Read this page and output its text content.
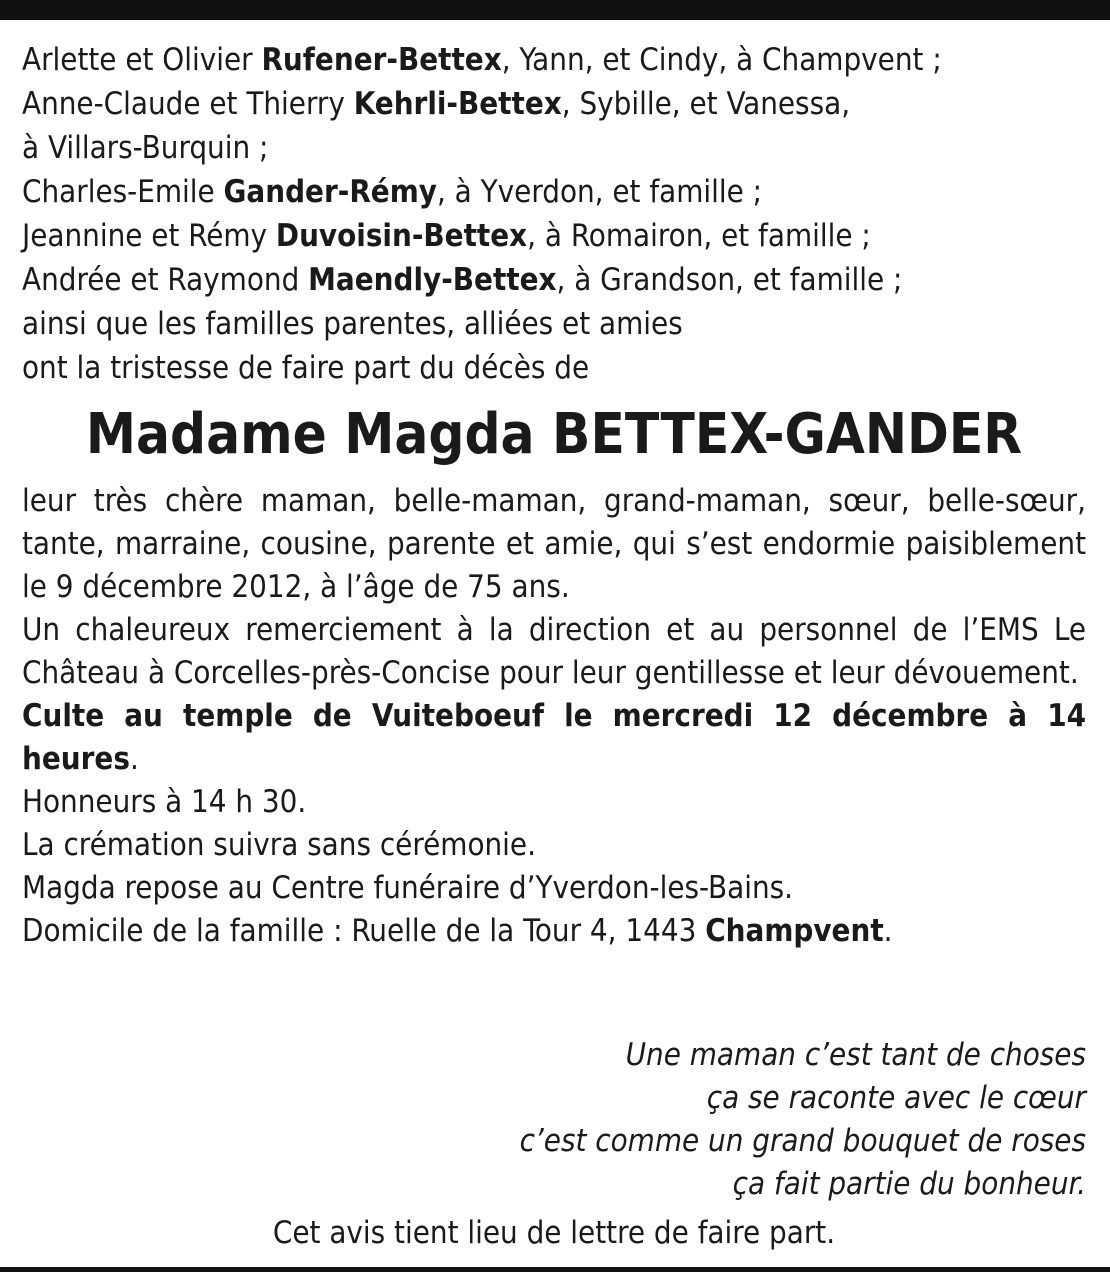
Arlette et Olivier Rufener-Bettex, Yann, et Cindy, à Champvent ;
Anne-Claude et Thierry Kehrli-Bettex, Sybille, et Vanessa,
à Villars-Burquin ;
Charles-Emile Gander-Rémy, à Yverdon, et famille ;
Jeannine et Rémy Duvoisin-Bettex, à Romairon, et famille ;
Andrée et Raymond Maendly-Bettex, à Grandson, et famille ;
ainsi que les familles parentes, alliées et amies
ont la tristesse de faire part du décès de
Madame Magda BETTEX-GANDER
leur très chère maman, belle-maman, grand-maman, sœur, belle-sœur, tante, marraine, cousine, parente et amie, qui s’est endormie paisiblement le 9 décembre 2012, à l’âge de 75 ans.
Un chaleureux remerciement à la direction et au personnel de l’EMS Le Château à Corcelles-près-Concise pour leur gentillesse et leur dévouement.
Culte au temple de Vuiteboeuf le mercredi 12 décembre à 14 heures.
Honneurs à 14 h 30.
La crémation suivra sans cérémonie.
Magda repose au Centre funéraire d’Yverdon-les-Bains.
Domicile de la famille : Ruelle de la Tour 4, 1443 Champvent.
Une maman c’est tant de choses
ça se raconte avec le cœur
c’est comme un grand bouquet de roses
ça fait partie du bonheur.
Cet avis tient lieu de lettre de faire part.
